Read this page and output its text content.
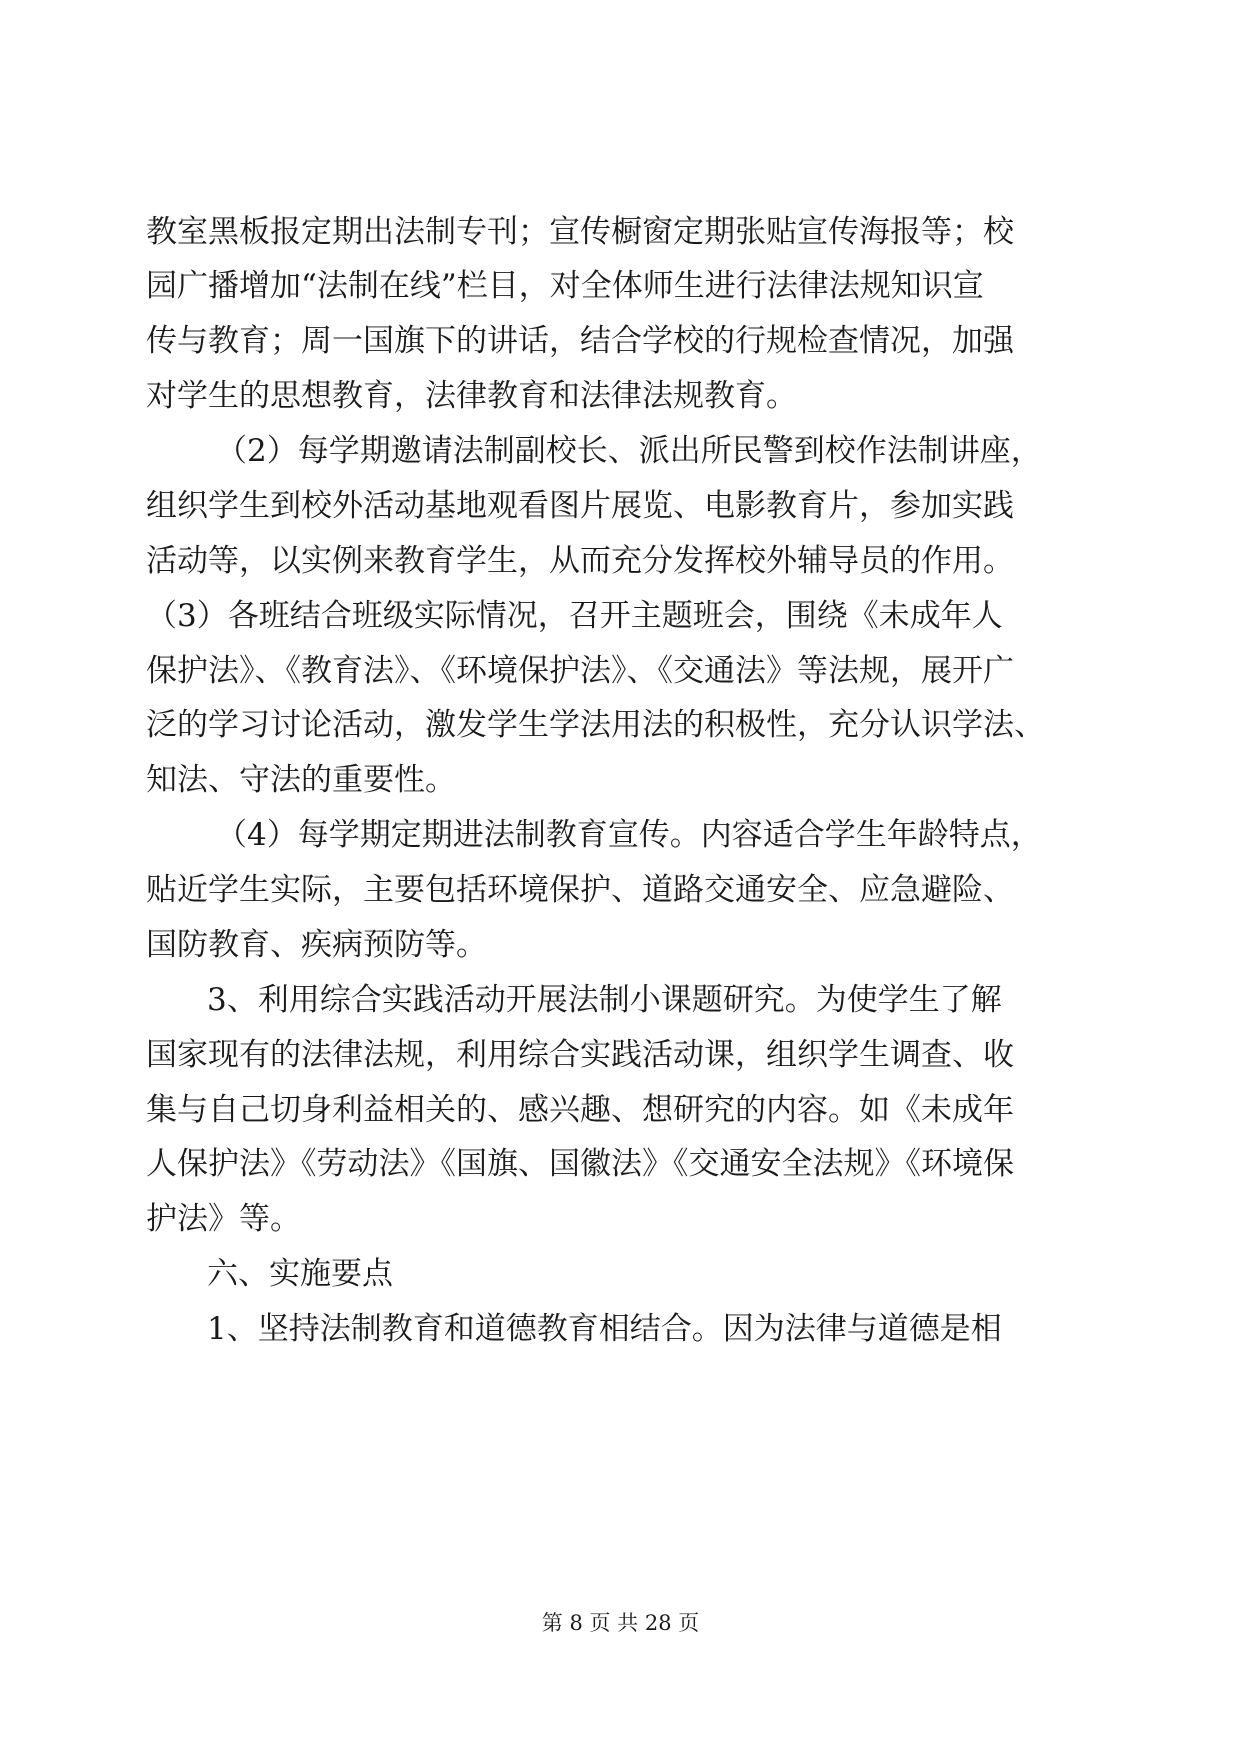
教室黑板报定期出法制专刊；宣传橱窗定期张贴宣传海报等；校
园广播增加“法制在线”栏目，对全体师生进行法律法规知识宣
传与教育；周一国旗下的讲话，结合学校的行规检查情况，加强
对学生的思想教育，法律教育和法律法规教育。
（2）每学期邀请法制副校长、派出所民警到校作法制讲座，
组织学生到校外活动基地观看图片展览、电影教育片，参加实践
活动等，以实例来教育学生，从而充分发挥校外辅导员的作用。
（3）各班结合班级实际情况，召开主题班会，围绕《未成年人
保护法》、《教育法》、《环境保护法》、《交通法》等法规，展开广
泛的学习讨论活动，激发学生学法用法的积极性，充分认识学法、
知法、守法的重要性。
（4）每学期定期进法制教育宣传。内容适合学生年龄特点，
贴近学生实际，主要包括环境保护、道路交通安全、应急避险、
国防教育、疾病预防等。
3、利用综合实践活动开展法制小课题研究。为使学生了解
国家现有的法律法规，利用综合实践活动课，组织学生调查、收
集与自己切身利益相关的、感兴趣、想研究的内容。如《未成年
人保护法》《劳动法》《国旗、国徽法》《交通安全法规》《环境保
护法》等。
六、实施要点
1、坚持法制教育和道德教育相结合。因为法律与道德是相
第 8 页 共 28 页
